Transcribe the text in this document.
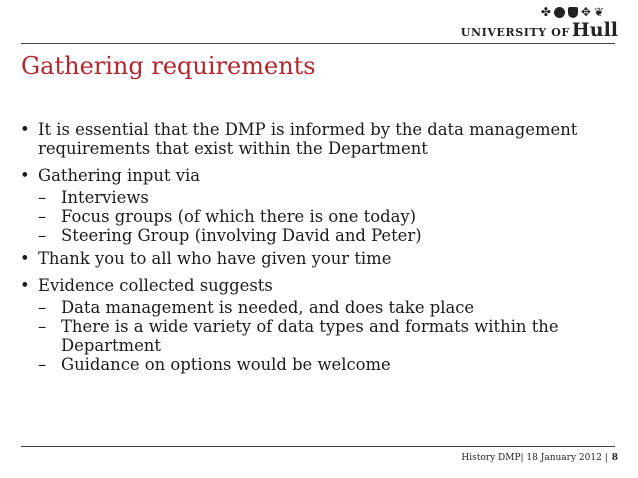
✤	✥ ❦
UNIVERSITY OF Hull
Gathering requirements
• It is essential that the DMP is informed by the data management requirements that exist within the Department
• Gathering input via
– Interviews
– Focus groups (of which there is one today)
– Steering Group (involving David and Peter)
• Thank you to all who have given your time
• Evidence collected suggests
– Data management is needed, and does take place
– There is a wide variety of data types and formats within the Department
– Guidance on options would be welcome
History DMP| 18 January 2012 | 8
